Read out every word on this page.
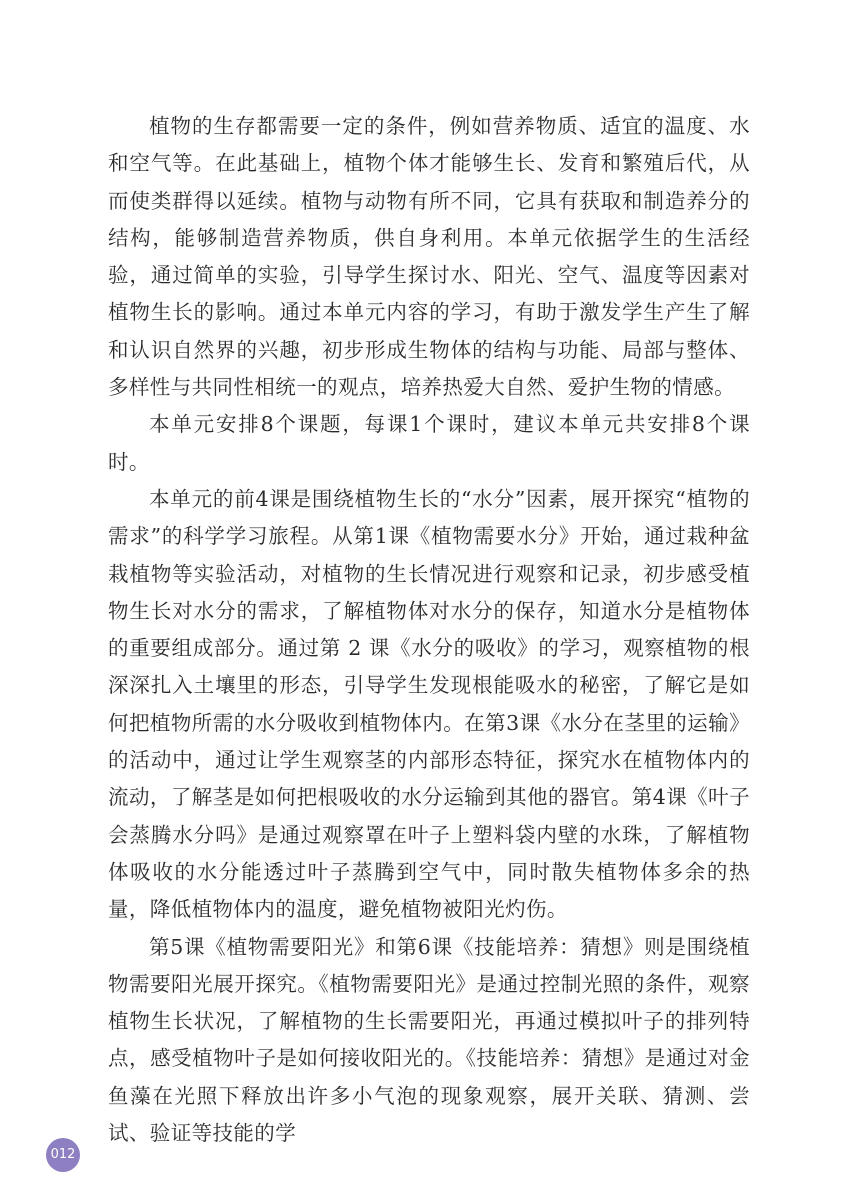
植物的生存都需要一定的条件，例如营养物质、适宜的温度、水和空气等。在此基础上，植物个体才能够生长、发育和繁殖后代，从而使类群得以延续。植物与动物有所不同，它具有获取和制造养分的结构，能够制造营养物质，供自身利用。本单元依据学生的生活经验，通过简单的实验，引导学生探讨水、阳光、空气、温度等因素对植物生长的影响。通过本单元内容的学习，有助于激发学生产生了解和认识自然界的兴趣，初步形成生物体的结构与功能、局部与整体、多样性与共同性相统一的观点，培养热爱大自然、爱护生物的情感。

本单元安排8个课题，每课1个课时，建议本单元共安排8个课时。

本单元的前4课是围绕植物生长的“水分”因素，展开探究“植物的需求”的科学学习旅程。从第1课《植物需要水分》开始，通过栽种盆栽植物等实验活动，对植物的生长情况进行观察和记录，初步感受植物生长对水分的需求，了解植物体对水分的保存，知道水分是植物体的重要组成部分。通过第 2 课《水分的吸收》的学习，观察植物的根深深扎入土壤里的形态，引导学生发现根能吸水的秘密，了解它是如何把植物所需的水分吸收到植物体内。在第3课《水分在茎里的运输》的活动中，通过让学生观察茎的内部形态特征，探究水在植物体内的流动，了解茎是如何把根吸收的水分运输到其他的器官。第4课《叶子会蒸腾水分吗》是通过观察罩在叶子上塑料袋内壁的水珠，了解植物体吸收的水分能透过叶子蒸腾到空气中，同时散失植物体多余的热量，降低植物体内的温度，避免植物被阳光灼伤。

第5课《植物需要阳光》和第6课《技能培养：猜想》则是围绕植物需要阳光展开探究。《植物需要阳光》是通过控制光照的条件，观察植物生长状况，了解植物的生长需要阳光，再通过模拟叶子的排列特点，感受植物叶子是如何接收阳光的。《技能培养：猜想》是通过对金鱼藻在光照下释放出许多小气泡的现象观察，展开关联、猜测、尝试、验证等技能的学

012
